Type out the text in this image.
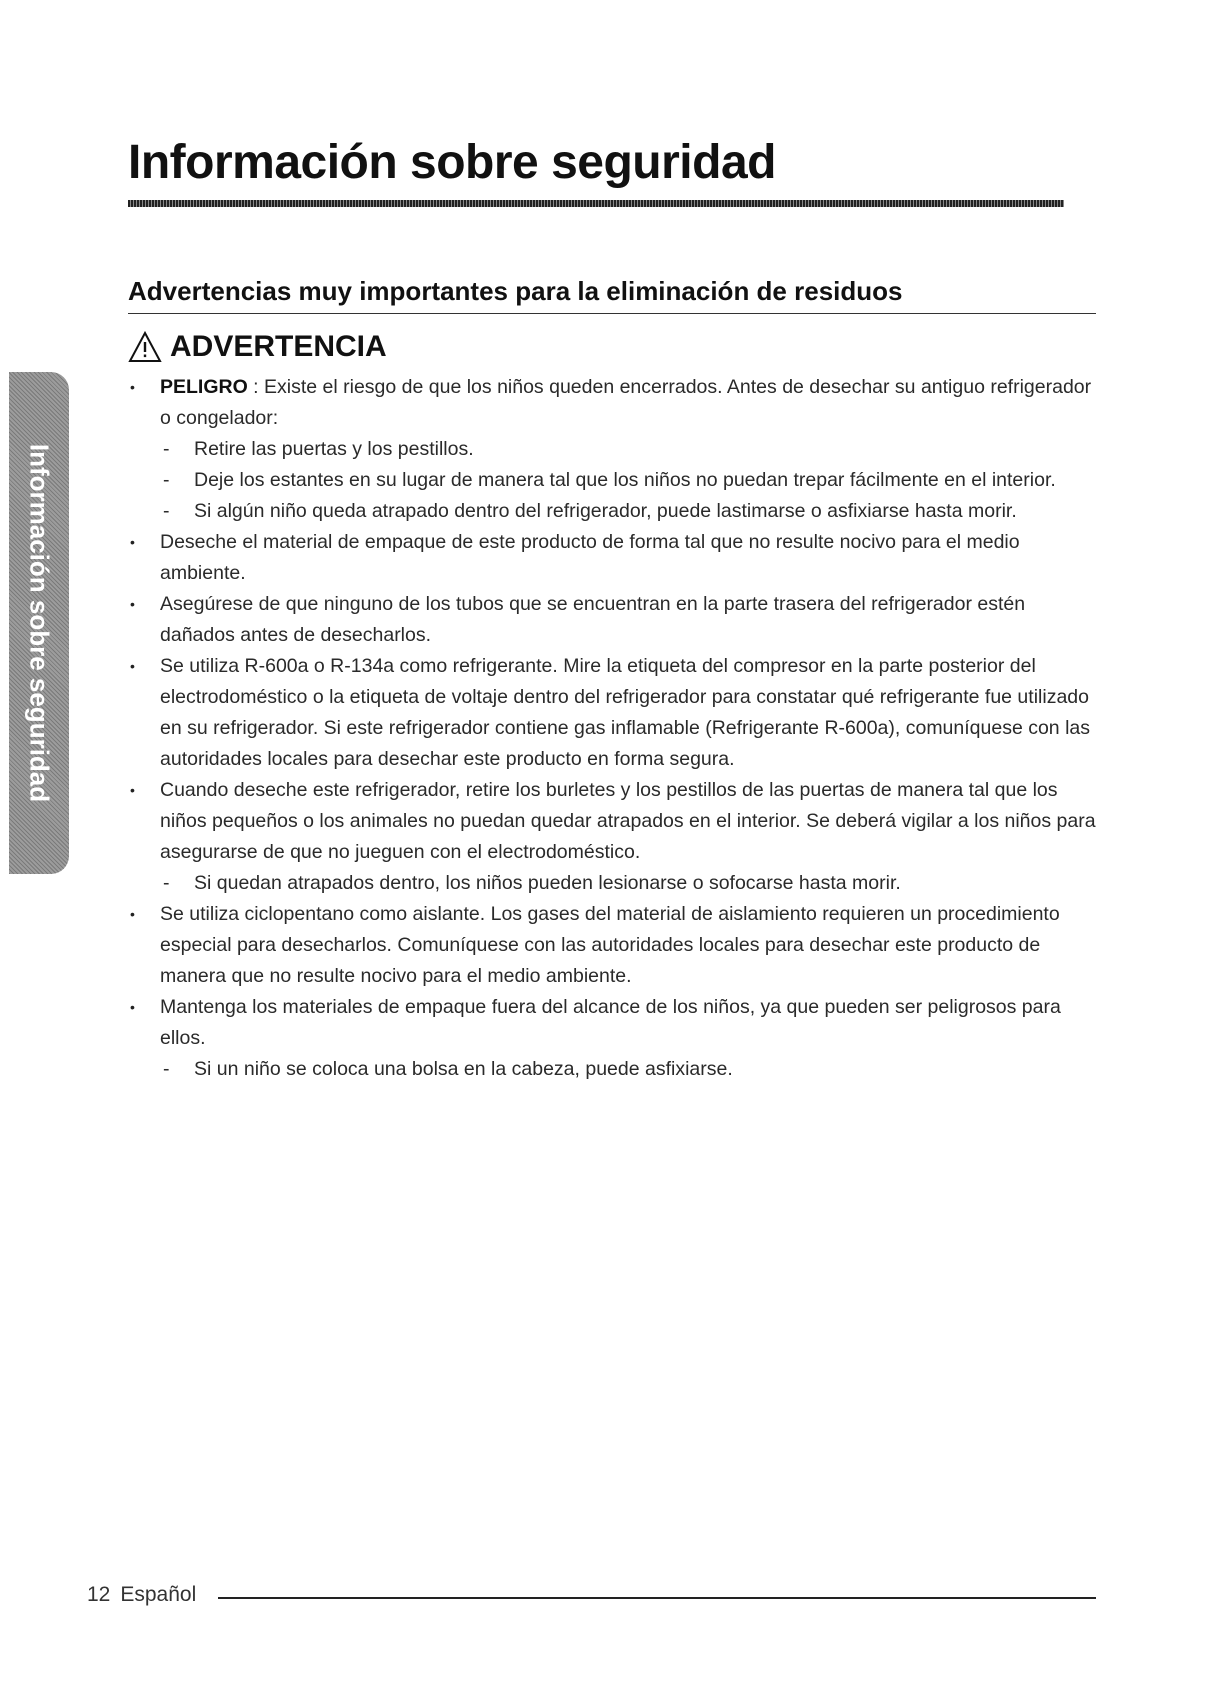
Información sobre seguridad
Información sobre seguridad
Advertencias muy importantes para la eliminación de residuos
ADVERTENCIA
• PELIGRO : Existe el riesgo de que los niños queden encerrados. Antes de desechar su antiguo refrigerador o congelador:
- Retire las puertas y los pestillos.
- Deje los estantes en su lugar de manera tal que los niños no puedan trepar fácilmente en el interior.
- Si algún niño queda atrapado dentro del refrigerador, puede lastimarse o asfixiarse hasta morir.
• Deseche el material de empaque de este producto de forma tal que no resulte nocivo para el medio ambiente.
• Asegúrese de que ninguno de los tubos que se encuentran en la parte trasera del refrigerador estén dañados antes de desecharlos.
• Se utiliza R-600a o R-134a como refrigerante. Mire la etiqueta del compresor en la parte posterior del electrodoméstico o la etiqueta de voltaje dentro del refrigerador para constatar qué refrigerante fue utilizado en su refrigerador. Si este refrigerador contiene gas inflamable (Refrigerante R-600a), comuníquese con las autoridades locales para desechar este producto en forma segura.
• Cuando deseche este refrigerador, retire los burletes y los pestillos de las puertas de manera tal que los niños pequeños o los animales no puedan quedar atrapados en el interior. Se deberá vigilar a los niños para asegurarse de que no jueguen con el electrodoméstico.
- Si quedan atrapados dentro, los niños pueden lesionarse o sofocarse hasta morir.
• Se utiliza ciclopentano como aislante. Los gases del material de aislamiento requieren un procedimiento especial para desecharlos. Comuníquese con las autoridades locales para desechar este producto de manera que no resulte nocivo para el medio ambiente.
• Mantenga los materiales de empaque fuera del alcance de los niños, ya que pueden ser peligrosos para ellos.
- Si un niño se coloca una bolsa en la cabeza, puede asfixiarse.
12 Español
